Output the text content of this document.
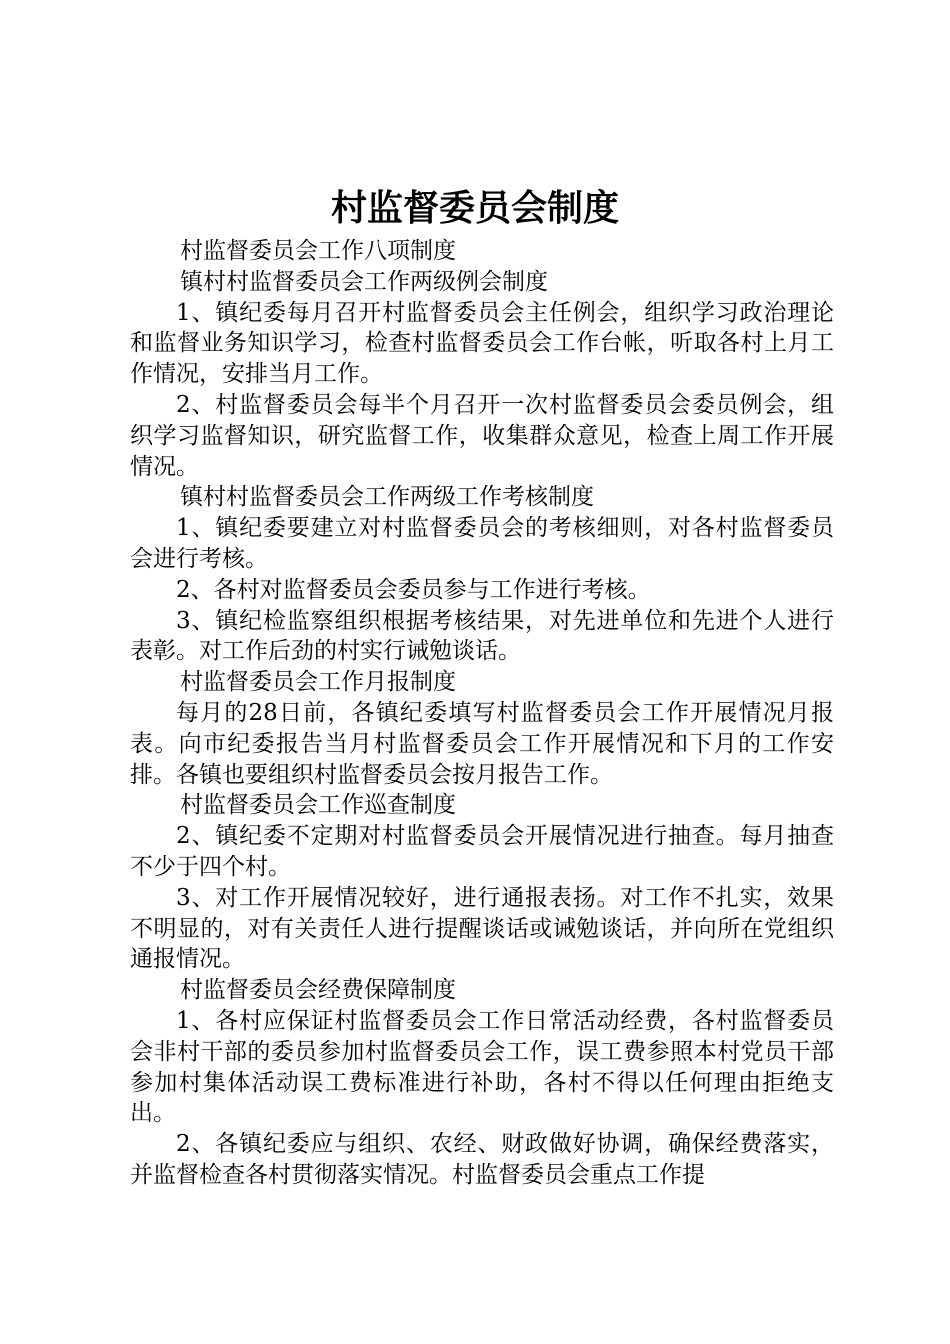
村监督委员会制度

村监督委员会工作八项制度

镇村村监督委员会工作两级例会制度

1、镇纪委每月召开村监督委员会主任例会，组织学习政治理论和监督业务知识学习，检查村监督委员会工作台帐，听取各村上月工作情况，安排当月工作。

2、村监督委员会每半个月召开一次村监督委员会委员例会，组织学习监督知识，研究监督工作，收集群众意见，检查上周工作开展情况。

镇村村监督委员会工作两级工作考核制度

1、镇纪委要建立对村监督委员会的考核细则，对各村监督委员会进行考核。

2、各村对监督委员会委员参与工作进行考核。

3、镇纪检监察组织根据考核结果，对先进单位和先进个人进行表彰。对工作后劲的村实行诫勉谈话。

村监督委员会工作月报制度

每月的28日前，各镇纪委填写村监督委员会工作开展情况月报表。向市纪委报告当月村监督委员会工作开展情况和下月的工作安排。各镇也要组织村监督委员会按月报告工作。

村监督委员会工作巡查制度

2、镇纪委不定期对村监督委员会开展情况进行抽查。每月抽查不少于四个村。

3、对工作开展情况较好，进行通报表扬。对工作不扎实，效果不明显的，对有关责任人进行提醒谈话或诫勉谈话，并向所在党组织通报情况。

村监督委员会经费保障制度

1、各村应保证村监督委员会工作日常活动经费，各村监督委员会非村干部的委员参加村监督委员会工作，误工费参照本村党员干部参加村集体活动误工费标准进行补助，各村不得以任何理由拒绝支出。

2、各镇纪委应与组织、农经、财政做好协调，确保经费落实，并监督检查各村贯彻落实情况。村监督委员会重点工作提
